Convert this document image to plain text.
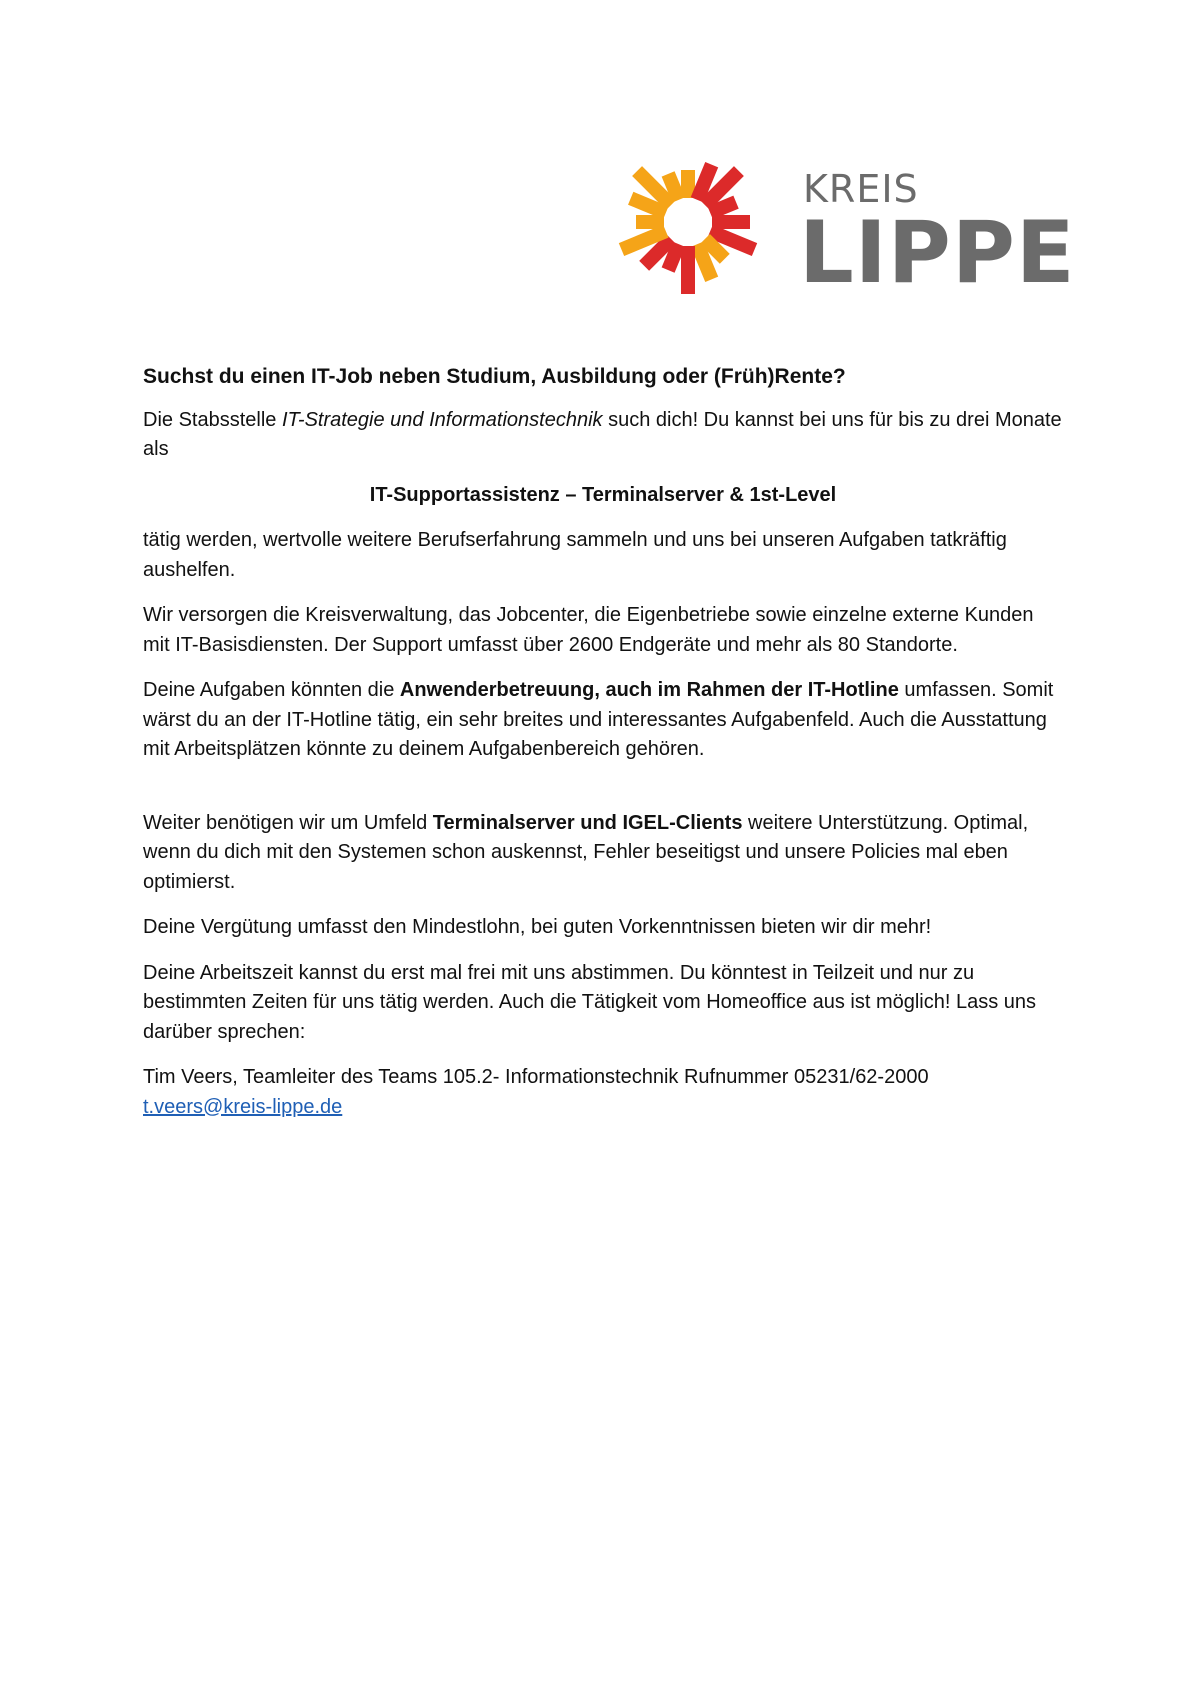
KREIS
LIPPE

Suchst du einen IT-Job neben Studium, Ausbildung oder (Früh)Rente?

Die Stabsstelle IT-Strategie und Informationstechnik such dich! Du kannst bei uns für bis zu drei Monate als

IT-Supportassistenz – Terminalserver & 1st-Level

tätig werden, wertvolle weitere Berufserfahrung sammeln und uns bei unseren Aufgaben tatkräftig aushelfen.

Wir versorgen die Kreisverwaltung, das Jobcenter, die Eigenbetriebe sowie einzelne externe Kunden mit IT-Basisdiensten. Der Support umfasst über 2600 Endgeräte und mehr als 80 Standorte.

Deine Aufgaben könnten die Anwenderbetreuung, auch im Rahmen der IT-Hotline umfassen. Somit wärst du an der IT-Hotline tätig, ein sehr breites und interessantes Aufgabenfeld. Auch die Ausstattung mit Arbeitsplätzen könnte zu deinem Aufgabenbereich gehören.

Weiter benötigen wir um Umfeld Terminalserver und IGEL-Clients weitere Unterstützung. Optimal, wenn du dich mit den Systemen schon auskennst, Fehler beseitigst und unsere Policies mal eben optimierst.

Deine Vergütung umfasst den Mindestlohn, bei guten Vorkenntnissen bieten wir dir mehr!

Deine Arbeitszeit kannst du erst mal frei mit uns abstimmen. Du könntest in Teilzeit und nur zu bestimmten Zeiten für uns tätig werden. Auch die Tätigkeit vom Homeoffice aus ist möglich! Lass uns darüber sprechen:

Tim Veers, Teamleiter des Teams 105.2- Informationstechnik Rufnummer 05231/62-2000
t.veers@kreis-lippe.de
